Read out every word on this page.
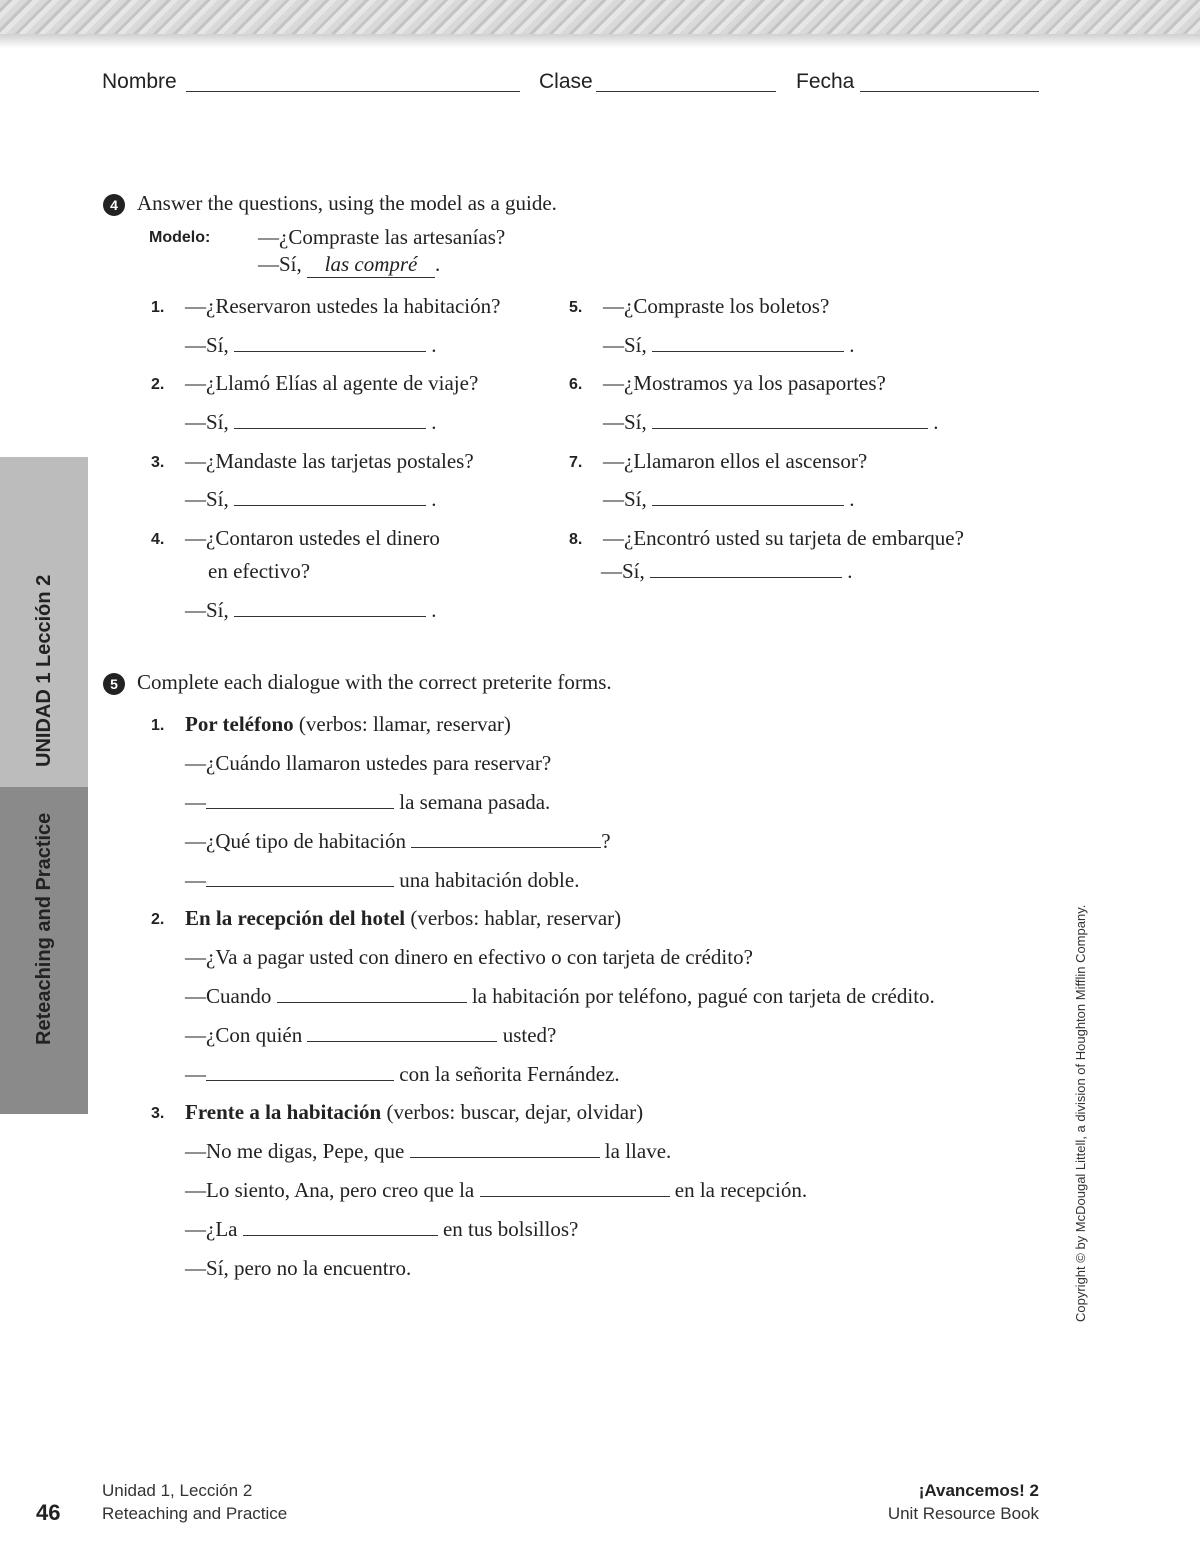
Nombre	Clase	Fecha
UNIDAD 1 Lección 2
Reteaching and Practice
4 Answer the questions, using the model as a guide.
Modelo: —¿Compraste las artesanías?
—Sí, las compré .
1. —¿Reservaron ustedes la habitación?
—Sí,	.
2. —¿Llamó Elías al agente de viaje?
—Sí,	.
3. —¿Mandaste las tarjetas postales?
—Sí,	.
4. —¿Contaron ustedes el dinero
en efectivo?
—Sí,	.
5. —¿Compraste los boletos?
—Sí,	.
6. —¿Mostramos ya los pasaportes?
—Sí,	.
7. —¿Llamaron ellos el ascensor?
—Sí,	.
8. —¿Encontró usted su tarjeta de embarque?
—Sí,	.
5 Complete each dialogue with the correct preterite forms.
1. Por teléfono (verbos: llamar, reservar)
—¿Cuándo llamaron ustedes para reservar?
—	la semana pasada.
—¿Qué tipo de habitación	?
—	una habitación doble.
2. En la recepción del hotel (verbos: hablar, reservar)
—¿Va a pagar usted con dinero en efectivo o con tarjeta de crédito?
—Cuando	la habitación por teléfono, pagué con tarjeta de crédito.
—¿Con quién	usted?
—	con la señorita Fernández.
3. Frente a la habitación (verbos: buscar, dejar, olvidar)
—No me digas, Pepe, que	la llave.
—Lo siento, Ana, pero creo que la	en la recepción.
—¿La	en tus bolsillos?
—Sí, pero no la encuentro.	Copyright © by McDougal Littell, a division of Houghton Mifflin Company.
46
Unidad 1, Lección 2
Reteaching and Practice
¡Avancemos! 2
Unit Resource Book
